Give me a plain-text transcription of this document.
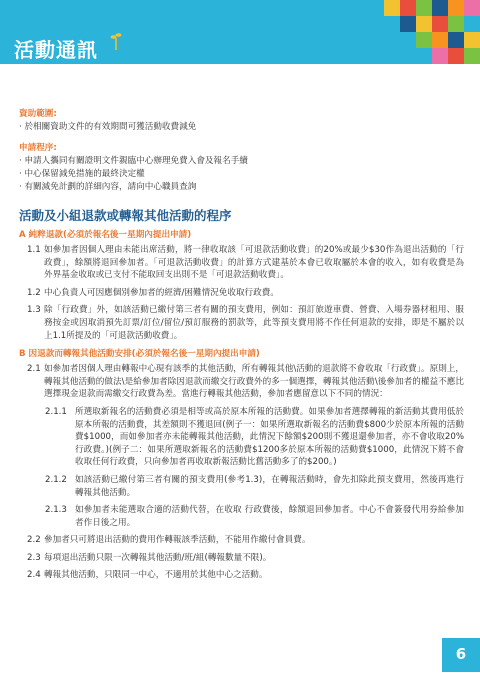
活動通訊
資助範圍:
‧ 於相關資助文件的有效期間可獲活動收費減免
申請程序:
‧ 申請人攜同有關證明文件親臨中心辦理免費入會及報名手續
‧ 中心保留減免措施的最終決定權
‧ 有關減免計劃的詳細內容，請向中心職員查詢
活動及小組退款或轉報其他活動的程序
A 純粹退款(必須於報名後一星期內提出申請)
1.1 如參加者因個人理由未能出席活動，將一律收取該「可退款活動收費」的20%或最少$30作為退出活動的「行政費」，餘額將退回參加者。「可退款活動收費」的計算方式建基於本會已收取屬於本會的收入，如有收費是為外界基金收取或已支付不能取回支出則不是「可退款活動收費」。
1.2 中心負責人可因應個別參加者的經濟/困難情況免收取行政費。
1.3 除「行政費」外，如該活動已繳付第三者有關的預支費用，例如：預訂旅遊車費、營費、入場券器材租用、服務按金或因取消預先訂票/訂位/留位/預訂服務的罰款等，此等預支費用將不作任何退款的安排，即是不屬於以上1.1所提及的「可退款活動收費」。
B 因退款而轉報其他活動安排(必須於報名後一星期內提出申請)
2.1 如參加者因個人理由轉報中心現有該季的其他活動，所有轉報其他\活動的退款將不會收取「行政費」。原則上，轉報其他活動的做法\是給參加者除因退款而繳交行政費外的多一個選擇，轉報其他活動\後參加者的權益不應比選擇現金退款而需繳交行政費為差。當進行轉報其他活動，參加者應留意以下不同的情況：
2.1.1 所選取新報名的活動費必須是相等或高於原本所報的活動費。如果參加者選擇轉報的新活動其費用低於原本所報的活動費，其差額則不獲退回(例子一：如果所選取新報名的活動費$800少於原本所報的活動費$1000，而如參加者亦未能轉報其他活動，此情況下餘額$200則不獲退還參加者，亦不會收取20%行政費。)(例子二：如果所選取新報名的活動費$1200多於原本所報的活動費$1000，此情況下將不會收取任何行政費，只向參加者再收取新報活動比舊活動多了的$200。)
2.1.2 如該活動已繳付第三者有關的預支費用(參考1.3)，在轉報活動時，會先扣除此預支費用，然後再進行轉報其他活動。
2.1.3 如參加者未能選取合適的活動代替，在收取 行政費後，餘額退回參加者。中心不會簽發代用券給參加者作日後之用。
2.2 參加者只可將退出活動的費用作轉報該季活動，不能用作繳付會員費。
2.3 每項退出活動只限一次轉報其他活動/班/組(轉報數量不限)。
2.4 轉報其他活動，只限同一中心，不適用於其他中心之活動。
6
